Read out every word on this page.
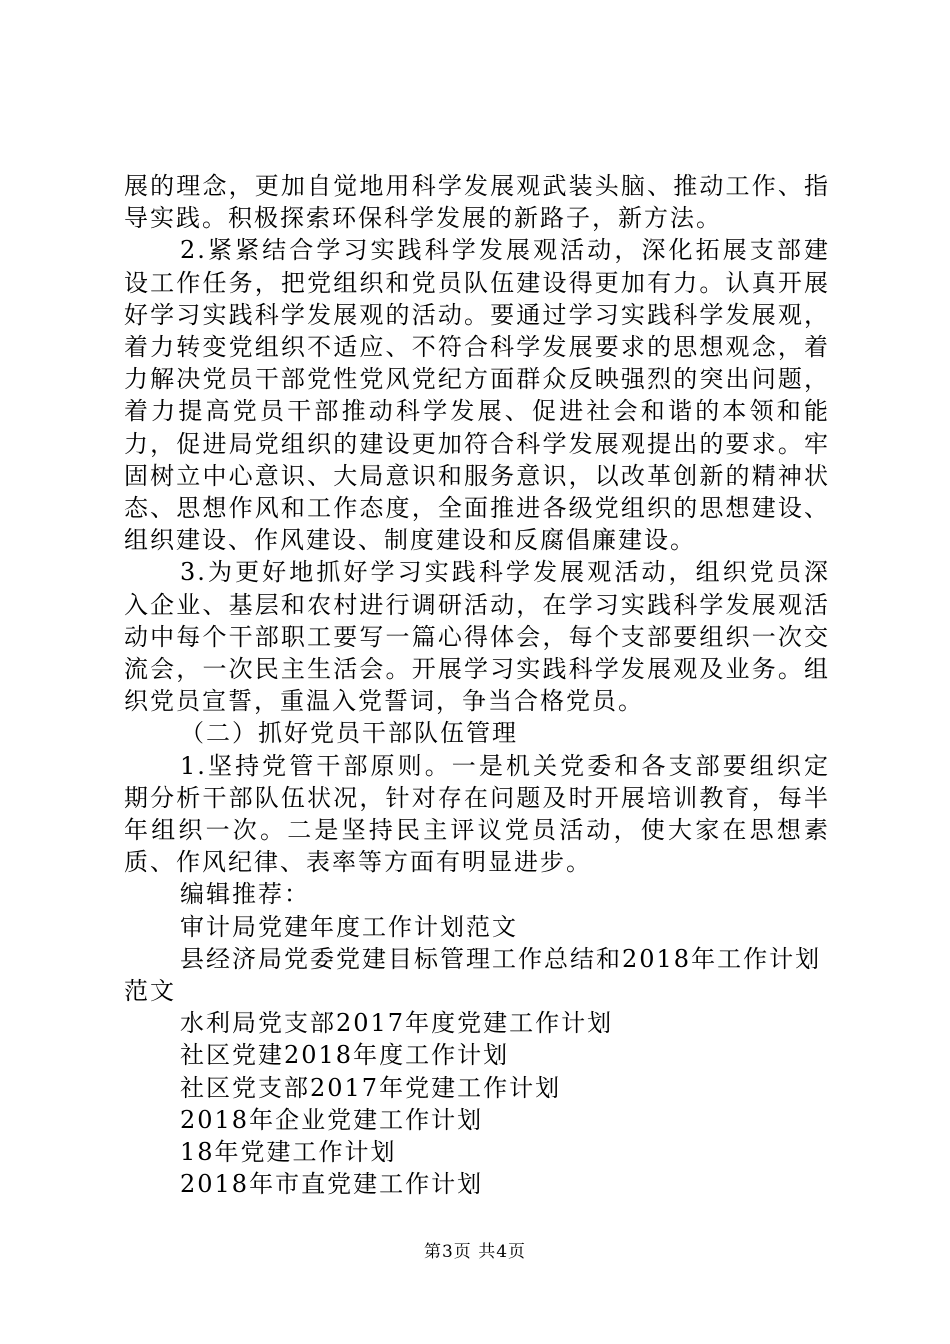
展的理念，更加自觉地用科学发展观武装头脑、推动工作、指导实践。积极探索环保科学发展的新路子，新方法。

2.紧紧结合学习实践科学发展观活动，深化拓展支部建设工作任务，把党组织和党员队伍建设得更加有力。认真开展好学习实践科学发展观的活动。要通过学习实践科学发展观，着力转变党组织不适应、不符合科学发展要求的思想观念，着力解决党员干部党性党风党纪方面群众反映强烈的突出问题，着力提高党员干部推动科学发展、促进社会和谐的本领和能力，促进局党组织的建设更加符合科学发展观提出的要求。牢固树立中心意识、大局意识和服务意识，以改革创新的精神状态、思想作风和工作态度，全面推进各级党组织的思想建设、组织建设、作风建设、制度建设和反腐倡廉建设。

3.为更好地抓好学习实践科学发展观活动，组织党员深入企业、基层和农村进行调研活动，在学习实践科学发展观活动中每个干部职工要写一篇心得体会，每个支部要组织一次交流会，一次民主生活会。开展学习实践科学发展观及业务。组织党员宣誓，重温入党誓词，争当合格党员。

（二）抓好党员干部队伍管理

1.坚持党管干部原则。一是机关党委和各支部要组织定期分析干部队伍状况，针对存在问题及时开展培训教育，每半年组织一次。二是坚持民主评议党员活动，使大家在思想素质、作风纪律、表率等方面有明显进步。

编辑推荐：

审计局党建年度工作计划范文
县经济局党委党建目标管理工作总结和2018年工作计划范文
水利局党支部2017年度党建工作计划
社区党建2018年度工作计划
社区党支部2017年党建工作计划
2018年企业党建工作计划
18年党建工作计划
2018年市直党建工作计划
第3页 共4页
